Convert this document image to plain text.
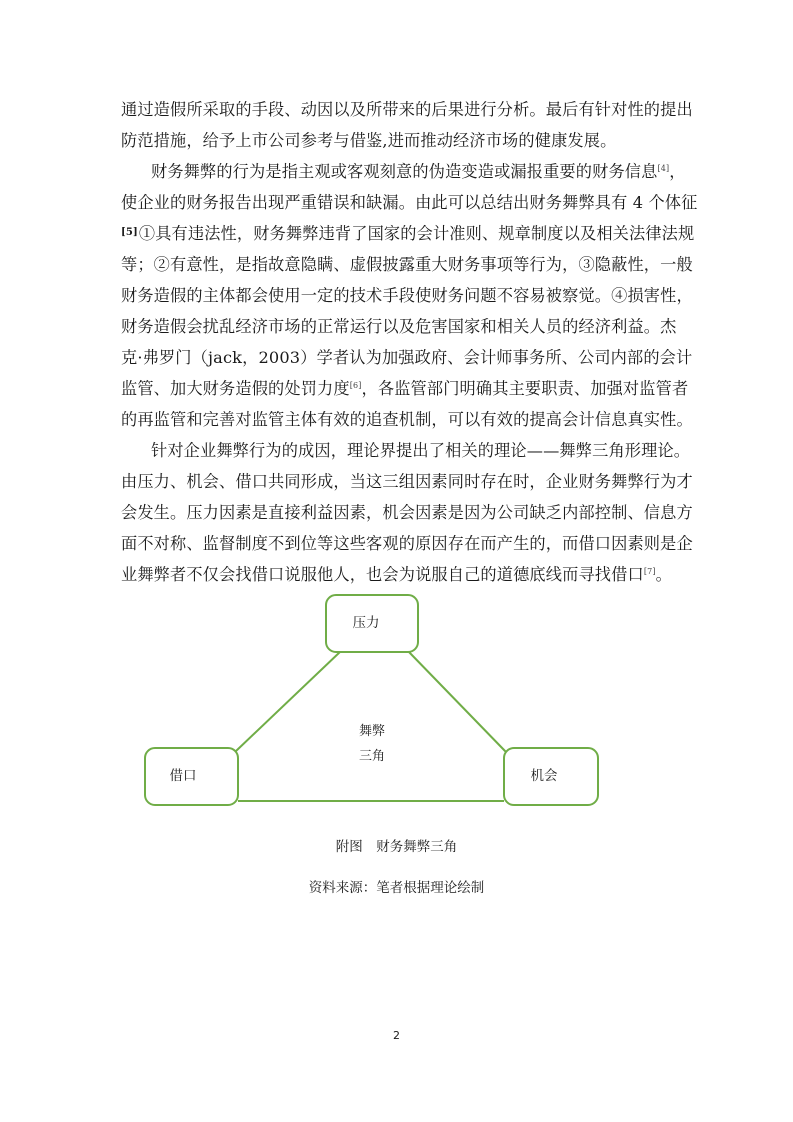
通过造假所采取的手段、动因以及所带来的后果进行分析。最后有针对性的提出
防范措施，给予上市公司参考与借鉴,进而推动经济市场的健康发展。
财务舞弊的行为是指主观或客观刻意的伪造变造或漏报重要的财务信息[4]，
使企业的财务报告出现严重错误和缺漏。由此可以总结出财务舞弊具有 4 个体征
[5]①具有违法性，财务舞弊违背了国家的会计准则、规章制度以及相关法律法规
等；②有意性，是指故意隐瞒、虚假披露重大财务事项等行为，③隐蔽性，一般
财务造假的主体都会使用一定的技术手段使财务问题不容易被察觉。④损害性，
财务造假会扰乱经济市场的正常运行以及危害国家和相关人员的经济利益。杰
克·弗罗门（jack，2003）学者认为加强政府、会计师事务所、公司内部的会计
监管、加大财务造假的处罚力度[6]，各监管部门明确其主要职责、加强对监管者
的再监管和完善对监管主体有效的追查机制，可以有效的提高会计信息真实性。
针对企业舞弊行为的成因，理论界提出了相关的理论——舞弊三角形理论。
由压力、机会、借口共同形成，当这三组因素同时存在时，企业财务舞弊行为才
会发生。压力因素是直接利益因素，机会因素是因为公司缺乏内部控制、信息方
面不对称、监督制度不到位等这些客观的原因存在而产生的，而借口因素则是企
业舞弊者不仅会找借口说服他人，也会为说服自己的道德底线而寻找借口[7]。
压力
借口	机会
舞弊
三角
附图　财务舞弊三角
资料来源：笔者根据理论绘制
2
